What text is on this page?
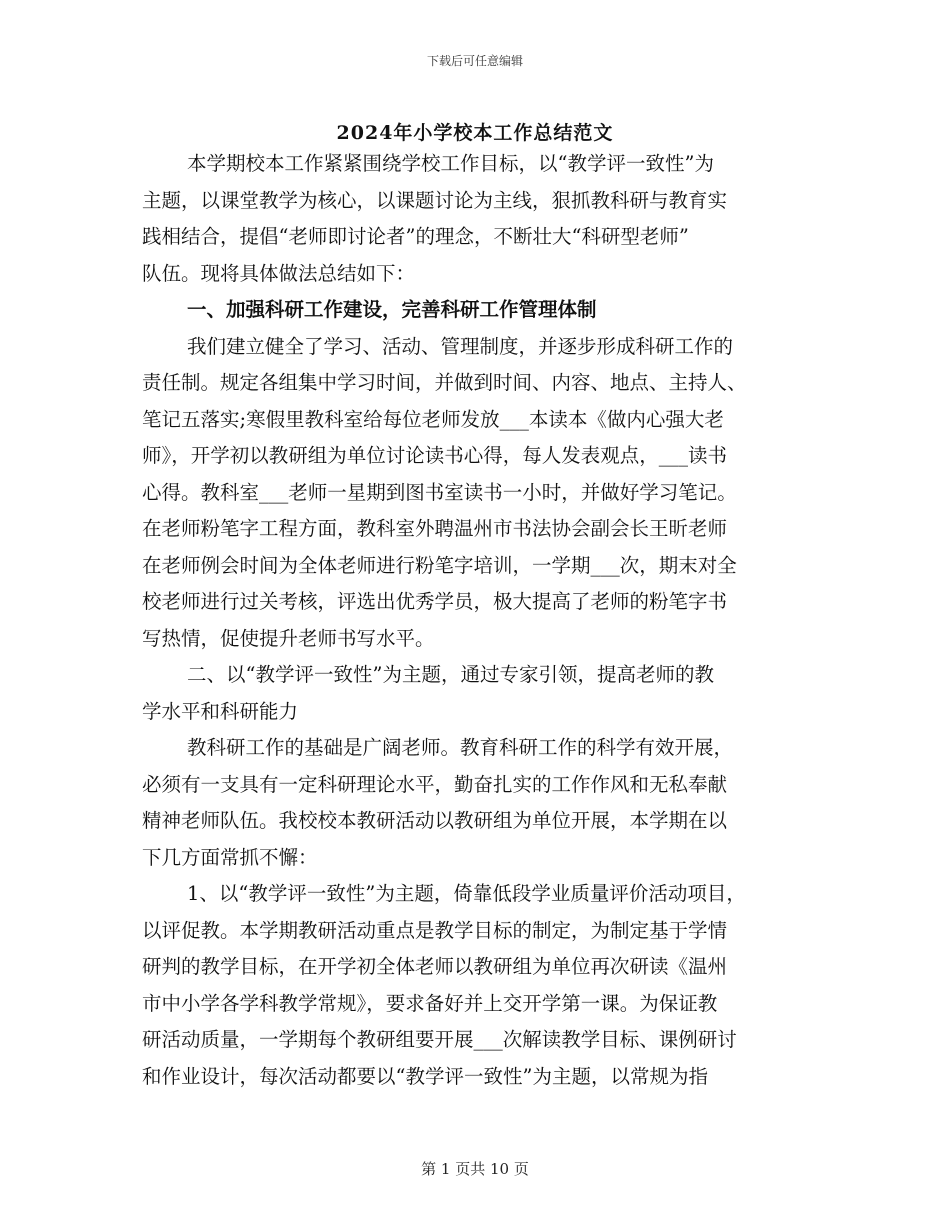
下载后可任意编辑
2024年小学校本工作总结范文
本学期校本工作紧紧围绕学校工作目标，以“教学评一致性”为
主题，以课堂教学为核心，以课题讨论为主线，狠抓教科研与教育实
践相结合，提倡“老师即讨论者”的理念，不断壮大“科研型老师”
队伍。现将具体做法总结如下：
一、加强科研工作建设，完善科研工作管理体制
我们建立健全了学习、活动、管理制度，并逐步形成科研工作的
责任制。规定各组集中学习时间，并做到时间、内容、地点、主持人、
笔记五落实;寒假里教科室给每位老师发放___本读本《做内心强大老
师》，开学初以教研组为单位讨论读书心得，每人发表观点，___读书
心得。教科室___老师一星期到图书室读书一小时，并做好学习笔记。
在老师粉笔字工程方面，教科室外聘温州市书法协会副会长王昕老师
在老师例会时间为全体老师进行粉笔字培训，一学期___次，期末对全
校老师进行过关考核，评选出优秀学员，极大提高了老师的粉笔字书
写热情，促使提升老师书写水平。
二、以“教学评一致性”为主题，通过专家引领，提高老师的教
学水平和科研能力
教科研工作的基础是广阔老师。教育科研工作的科学有效开展，
必须有一支具有一定科研理论水平，勤奋扎实的工作作风和无私奉献
精神老师队伍。我校校本教研活动以教研组为单位开展，本学期在以
下几方面常抓不懈：
1、以“教学评一致性”为主题，倚靠低段学业质量评价活动项目，
以评促教。本学期教研活动重点是教学目标的制定，为制定基于学情
研判的教学目标，在开学初全体老师以教研组为单位再次研读《温州
市中小学各学科教学常规》，要求备好并上交开学第一课。为保证教
研活动质量，一学期每个教研组要开展___次解读教学目标、课例研讨
和作业设计，每次活动都要以“教学评一致性”为主题，以常规为指
第 1 页共 10 页
